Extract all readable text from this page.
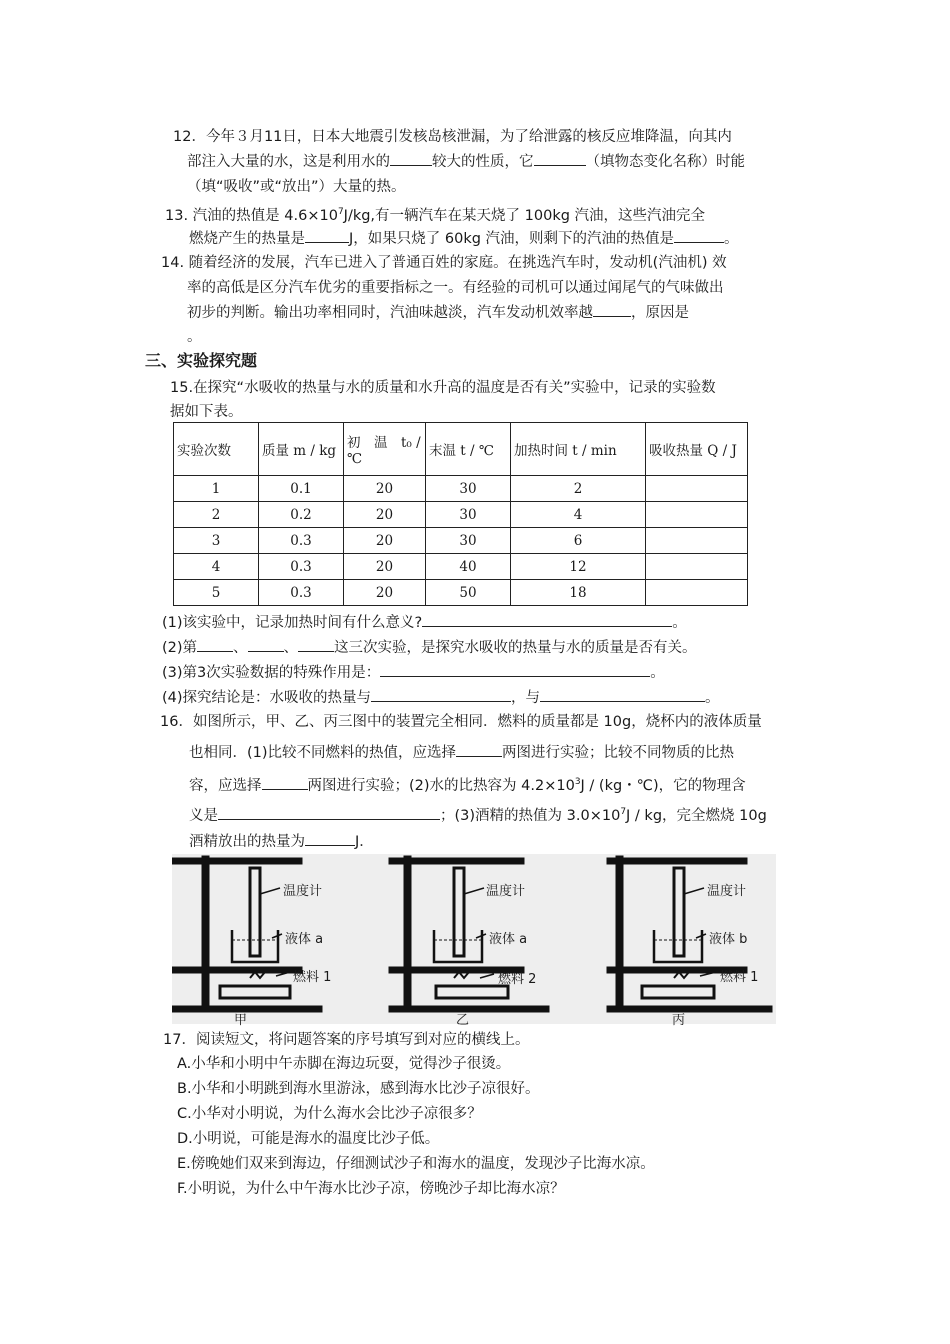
12．今年３月11日，日本大地震引发核岛核泄漏，为了给泄露的核反应堆降温，向其内
部注入大量的水，这是利用水的	较大的性质，它	（填物态变化名称）时能
（填“吸收”或“放出”）大量的热。
13. 汽油的热值是 $4.6\times 10^7J/kg$,有一辆汽车在某天烧了 100kg 汽油，这些汽油完全
燃烧产生的热量是	J，如果只烧了 60kg 汽油，则剩下的汽油的热值是	。
14. 随着经济的发展，汽车已进入了普通百姓的家庭。在挑选汽车时，发动机(汽油机) 效
率的高低是区分汽车优劣的重要指标之一。有经验的司机可以通过闻尾气的气味做出
初步的判断。输出功率相同时，汽油味越淡，汽车发动机效率越	，原因是
。
三、实验探究题
15.在探究“水吸收的热量与水的质量和水升高的温度是否有关”实验中，记录的实验数
据如下表。
实验次数	质量 m / kg	初　温　t₀ / ℃	末温 t / ℃	加热时间 t / min	吸收热量 Q / J
1	0.1	20	30	2	
2	0.2	20	30	4	
3	0.3	20	30	6	
4	0.3	20	40	12	
5	0.3	20	50	18	
(1)该实验中，记录加热时间有什么意义?	。
(2)第 、 、 这三次实验，是探究水吸收的热量与水的质量是否有关。
(3)第3次实验数据的特殊作用是：	。
(4)探究结论是：水吸收的热量与	，与	。
16．如图所示，甲、乙、丙三图中的装置完全相同．燃料的质量都是 10g，烧杯内的液体质量
也相同．(1)比较不同燃料的热值，应选择	两图进行实验；比较不同物质的比热
容，应选择	两图进行实验；(2)水的比热容为 $4.2\times 10^3J / (kg$・℃)，它的物理含
义是	；(3)酒精的热值为 $3.0\times 10^7J$ / kg，完全燃烧 10g
酒精放出的热量为	J．
温度计
液体 a
燃料 1
甲
温度计
液体 a
燃料 2
乙
温度计
液体 b
燃料 1
丙
17．阅读短文，将问题答案的序号填写到对应的横线上。
A.小华和小明中午赤脚在海边玩耍，觉得沙子很烫。
B.小华和小明跳到海水里游泳，感到海水比沙子凉很好。
C.小华对小明说，为什么海水会比沙子凉很多？
D.小明说，可能是海水的温度比沙子低。
E.傍晚她们双来到海边，仔细测试沙子和海水的温度，发现沙子比海水凉。
F.小明说，为什么中午海水比沙子凉，傍晚沙子却比海水凉？
